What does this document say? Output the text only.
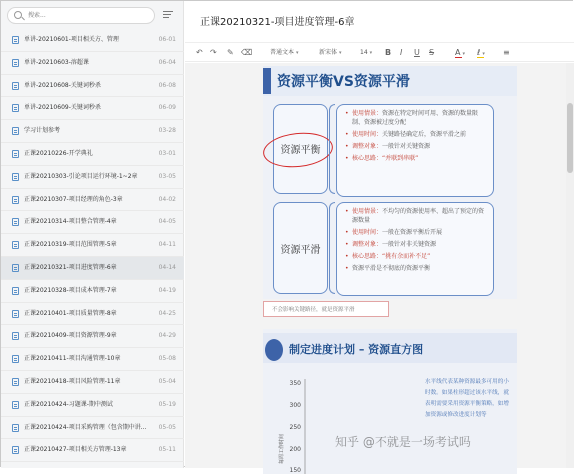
搜索...
单讲-20210601-项目相关方、管理	06-01
单讲-20210603-溶超课	06-04
单讲-20210608-关键词秒杀	06-08
单讲-20210609-关键词秒杀	06-09
学习计划参考	03-28
正课20210226-开学典礼	03-01
正课20210303-引论项目运行环境-1~2章	03-05
正课20210307-项目经理的角色-3章	04-02
正课20210314-项目整合管理-4章	04-05
正课20210319-项目范围管理-5章	04-11
正课20210321-项目进度管理-6章	04-14
正课20210328-项目成本管理-7章	04-19
正课20210401-项目质量管理-8章	04-25
正课20210409-项目资源管理-9章	04-29
正课20210411-项目沟通管理-10章	05-08
正课20210418-项目风险管理-11章	05-04
正课20210424-习题课-期中测试	05-19
正课20210424-项目采购管理（包含期中讲...	05-05
正课20210427-项目相关方管理-13章	05-11
正课20210321-项目进度管理-6章
↶ ↷ ✎ ⌫	普通文本 ▾	新宋体 ▾	14 ▾ B I U S	A ▾ ℓ ▾ ≡
资源平衡VS资源平滑
资源平衡
• 使用情景：资源在特定时间可用、资源的数量限制、资源被过度分配
• 使用时间：关键路径确定后，资源平滑之前
• 调整对象：一般针对关键资源
• 核心思路：“并联到串联”
资源平滑
• 使用情景：不均匀的资源使用率、超出了预定的资源数量
• 使用时间：一般在资源平衡后开展
• 调整对象：一般针对非关键资源
• 核心思路：“挑有余而补不足”
• 资源平滑是不彻底的资源平衡
不会影响关键路径，就是资源平滑
制定进度计划 – 资源直方图
350
300
250
200
150
每周工作时间
水平线代表某种资源最多可用的小时数。如果柱形超过该水平线，就表明需要采用资源平衡策略，如增加资源或修改进度计划等
知乎 @不就是一场考试吗
